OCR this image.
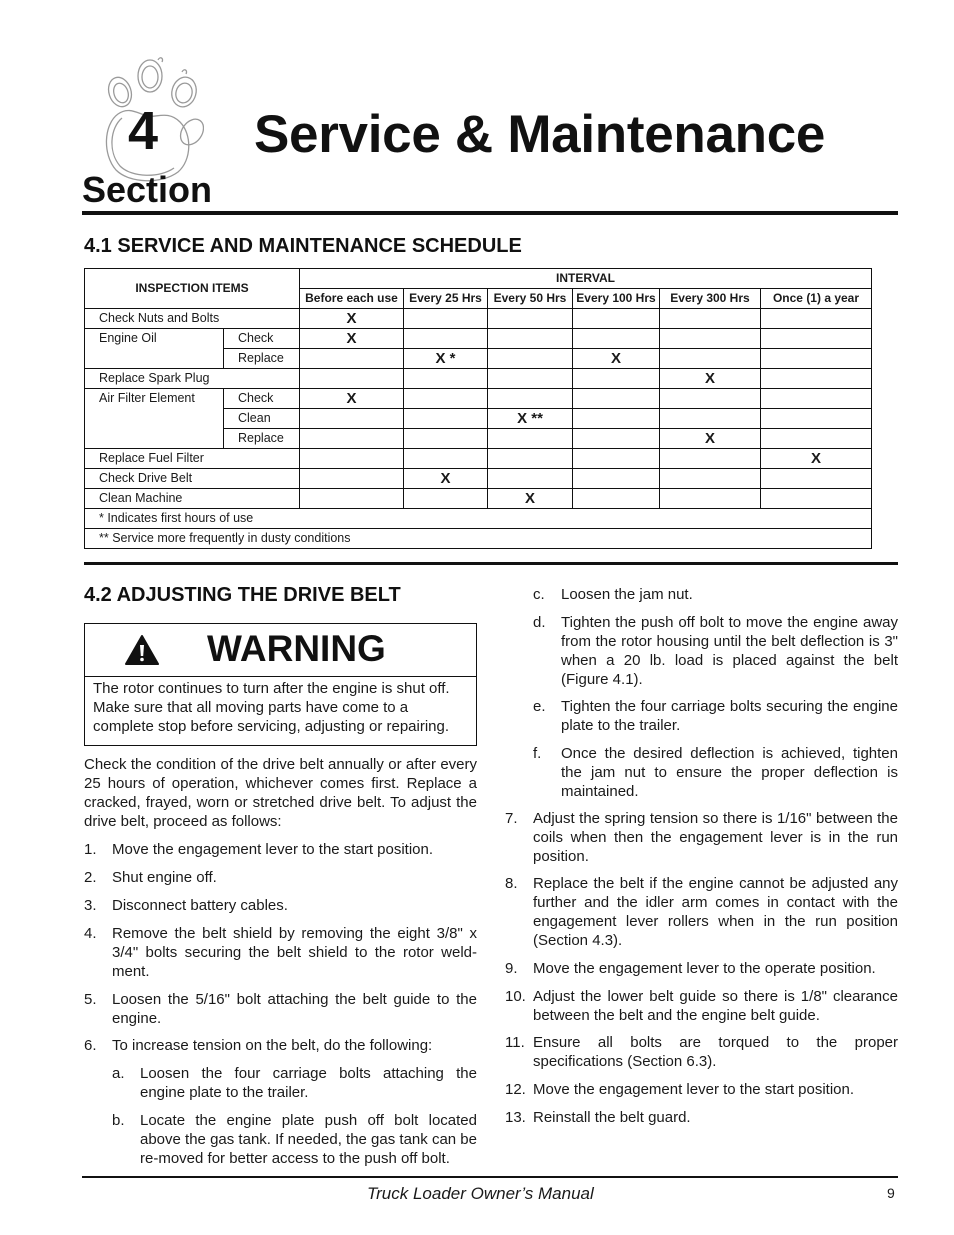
4
Section
Service & Maintenance
4.1 SERVICE AND MAINTENANCE SCHEDULE
INSPECTION ITEMS		INTERVAL					
		Before each use	Every 25 Hrs	Every 50 Hrs	Every 100 Hrs	Every 300 Hrs	Once (1) a year
Check Nuts and Bolts		X					
Engine Oil	Check	X					
	Replace		X *		X		
Replace Spark Plug						X	
Air Filter Element	Check	X					
	Clean			X **			
	Replace					X	
Replace Fuel Filter							X
Check Drive Belt			X				
Clean Machine				X			
* Indicates first hours of use							
** Service more frequently in dusty conditions							
4.2 ADJUSTING THE DRIVE BELT
WARNING
The rotor continues to turn after the engine is shut off. Make sure that all moving parts have come to a complete stop before servicing, adjusting or repairing.
Check the condition of the drive belt annually or after every 25 hours of operation, whichever comes first. Replace a cracked, frayed, worn or stretched drive belt. To adjust the drive belt, proceed as follows:
1. Move the engagement lever to the start position.
2. Shut engine off.
3. Disconnect battery cables.
4. Remove the belt shield by removing the eight 3/8" x 3/4" bolts securing the belt shield to the rotor weld-ment.
5. Loosen the 5/16" bolt attaching the belt guide to the engine.
6. To increase tension on the belt, do the following:
a. Loosen the four carriage bolts attaching the engine plate to the trailer.
b. Locate the engine plate push off bolt located above the gas tank. If needed, the gas tank can be re-moved for better access to the push off bolt.
c. Loosen the jam nut.
d. Tighten the push off bolt to move the engine away from the rotor housing until the belt deflection is 3" when a 20 lb. load is placed against the belt (Figure 4.1).
e. Tighten the four carriage bolts securing the engine plate to the trailer.
f. Once the desired deflection is achieved, tighten the jam nut to ensure the proper deflection is maintained.
7. Adjust the spring tension so there is 1/16" between the coils when then the engagement lever is in the run position.
8. Replace the belt if the engine cannot be adjusted any further and the idler arm comes in contact with the engagement lever rollers when in the run position (Section 4.3).
9. Move the engagement lever to the operate position.
10. Adjust the lower belt guide so there is 1/8" clearance between the belt and the engine belt guide.
11. Ensure all bolts are torqued to the proper specifications (Section 6.3).
12. Move the engagement lever to the start position.
13. Reinstall the belt guard.
Truck Loader Owner’s Manual	9
